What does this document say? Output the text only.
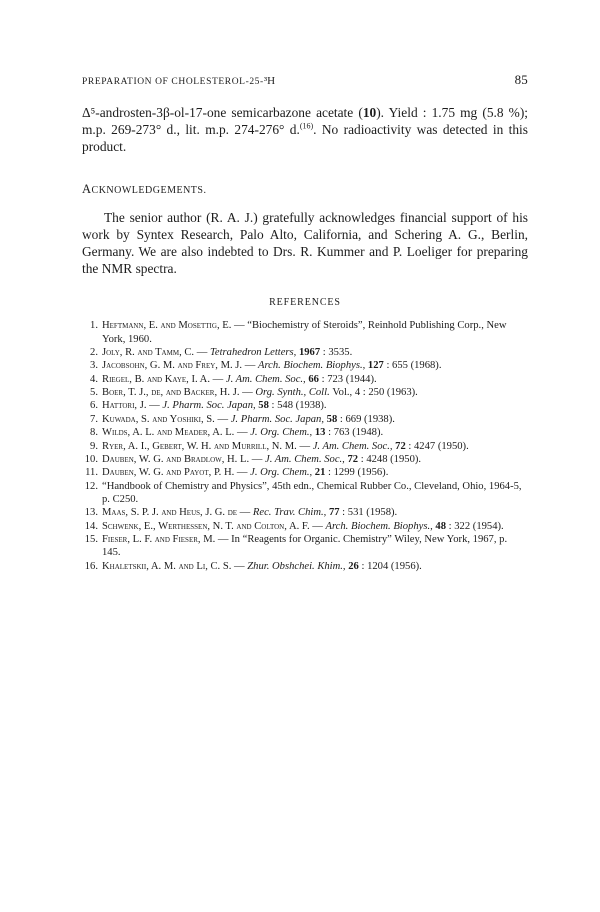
PREPARATION OF CHOLESTEROL-25-³H	85

Δ⁵-androsten-3β-ol-17-one semicarbazone acetate (10). Yield : 1.75 mg (5.8 %); m.p. 269-273° d., lit. m.p. 274-276° d.$^{(16)}$. No radioactivity was detected in this product.

ACKNOWLEDGEMENTS.

The senior author (R. A. J.) gratefully acknowledges financial support of his work by Syntex Research, Palo Alto, California, and Schering A. G., Berlin, Germany. We are also indebted to Drs. R. Kummer and P. Loeliger for preparing the NMR spectra.

REFERENCES
1. Heftmann, E. and Mosettig, E. — “Biochemistry of Steroids”, Reinhold Publishing Corp., New York, 1960.
2. Joly, R. and Tamm, C. — Tetrahedron Letters, 1967 : 3535.
3. Jacobsohn, G. M. and Frey, M. J. — Arch. Biochem. Biophys., 127 : 655 (1968).
4. Riegel, B. and Kaye, I. A. — J. Am. Chem. Soc., 66 : 723 (1944).
5. Boer, T. J., de, and Backer, H. J. — Org. Synth., Coll. Vol., 4 : 250 (1963).
6. Hattori, J. — J. Pharm. Soc. Japan, 58 : 548 (1938).
7. Kuwada, S. and Yoshiki, S. — J. Pharm. Soc. Japan, 58 : 669 (1938).
8. Wilds, A. L. and Meader, A. L. — J. Org. Chem., 13 : 763 (1948).
9. Ryer, A. I., Gebert, W. H. and Murrill, N. M. — J. Am. Chem. Soc., 72 : 4247 (1950).
10. Dauben, W. G. and Bradlow, H. L. — J. Am. Chem. Soc., 72 : 4248 (1950).
11. Dauben, W. G. and Payot, P. H. — J. Org. Chem., 21 : 1299 (1956).
12. “Handbook of Chemistry and Physics”, 45th edn., Chemical Rubber Co., Cleveland, Ohio, 1964-5, p. C250.
13. Maas, S. P. J. and Heus, J. G. de — Rec. Trav. Chim., 77 : 531 (1958).
14. Schwenk, E., Werthessen, N. T. and Colton, A. F. — Arch. Biochem. Biophys., 48 : 322 (1954).
15. Fieser, L. F. and Fieser, M. — In “Reagents for Organic. Chemistry” Wiley, New York, 1967, p. 145.
16. Khaletskii, A. M. and Li, C. S. — Zhur. Obshchei. Khim., 26 : 1204 (1956).
